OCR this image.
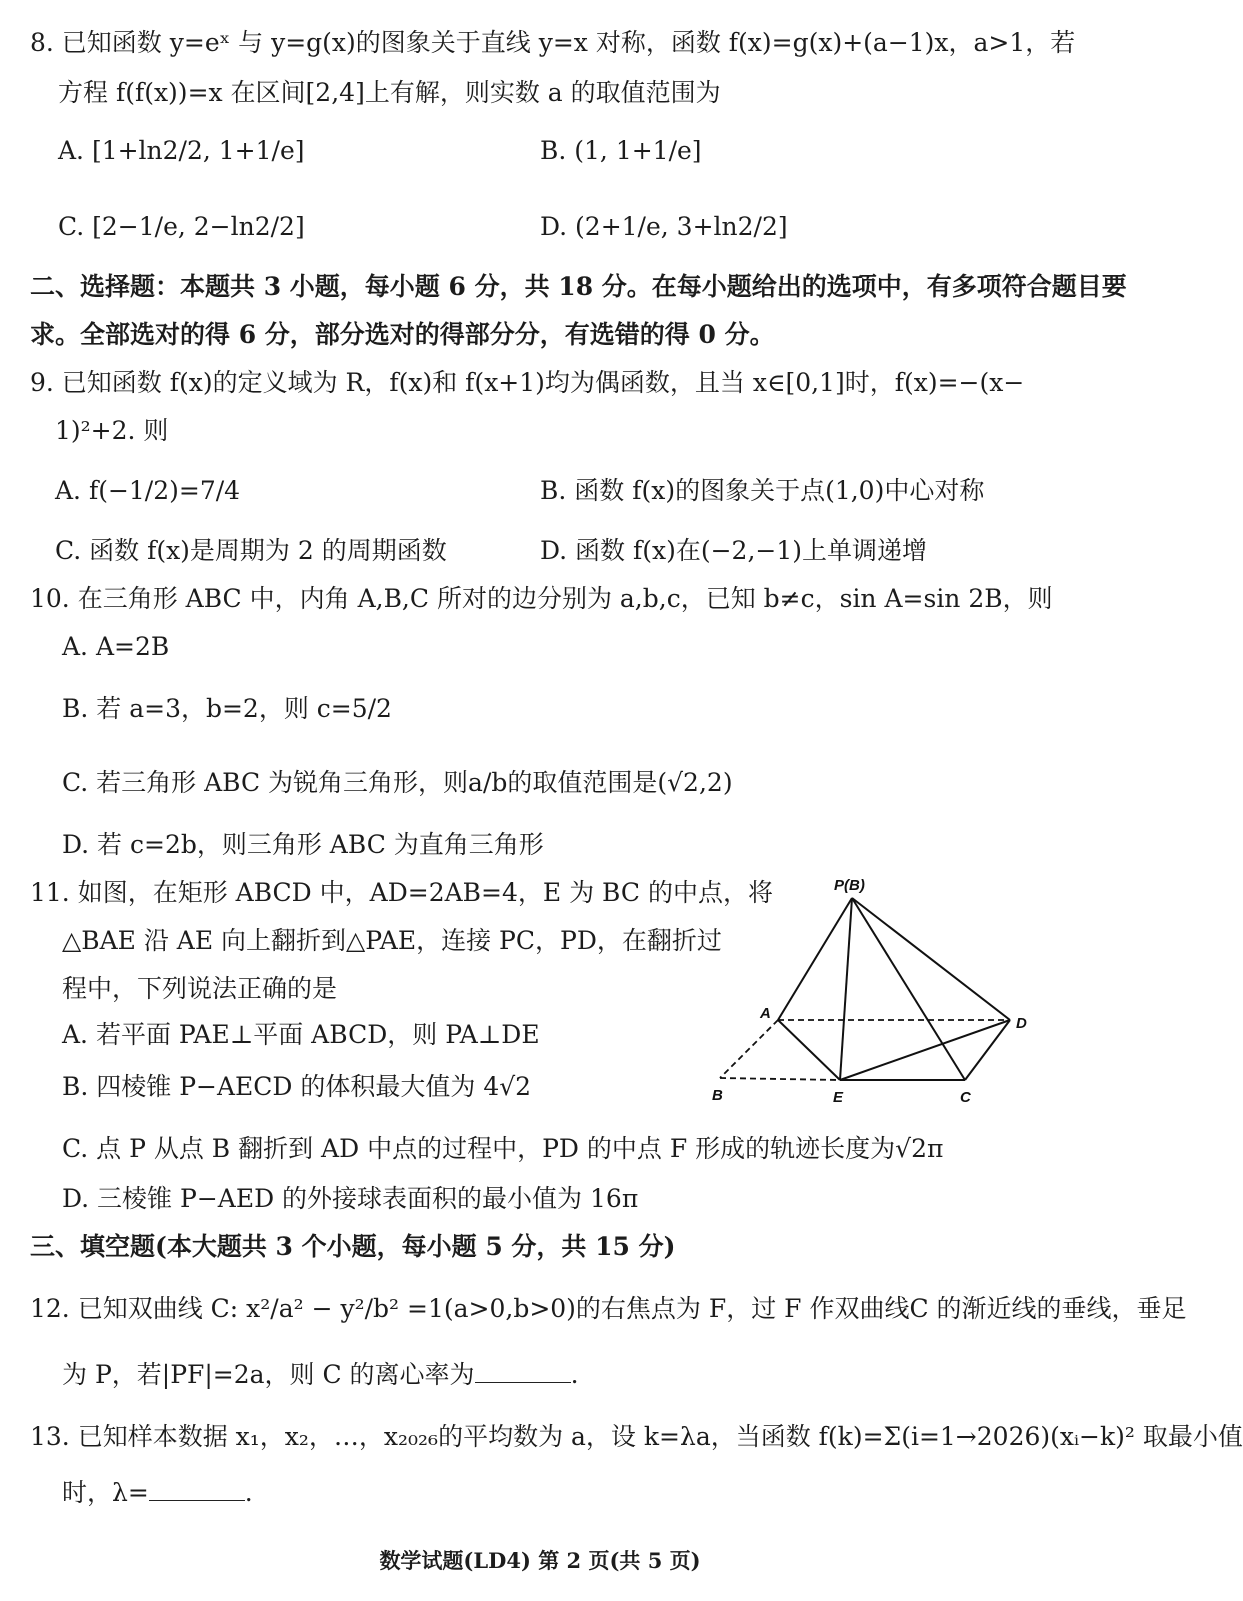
8. 已知函数 y=eˣ 与 y=g(x)的图象关于直线 y=x 对称，函数 f(x)=g(x)+(a−1)x，a>1，若
方程 f(f(x))=x 在区间[2,4]上有解，则实数 a 的取值范围为
A. [1+ln2/2, 1+1/e]	B. (1, 1+1/e]
C. [2−1/e, 2−ln2/2]	D. (2+1/e, 3+ln2/2]
二、选择题：本题共 3 小题，每小题 6 分，共 18 分。在每小题给出的选项中，有多项符合题目要
求。全部选对的得 6 分，部分选对的得部分分，有选错的得 0 分。
9. 已知函数 f(x)的定义域为 R，f(x)和 f(x+1)均为偶函数，且当 x∈[0,1]时，f(x)=−(x−
1)²+2. 则
A. f(−1/2)=7/4	B. 函数 f(x)的图象关于点(1,0)中心对称
C. 函数 f(x)是周期为 2 的周期函数	D. 函数 f(x)在(−2,−1)上单调递增
10. 在三角形 ABC 中，内角 A,B,C 所对的边分别为 a,b,c，已知 b≠c，sin A=sin 2B，则
A. A=2B
B. 若 a=3，b=2，则 c=5/2
C. 若三角形 ABC 为锐角三角形，则a/b的取值范围是(√2,2)
D. 若 c=2b，则三角形 ABC 为直角三角形
11. 如图，在矩形 ABCD 中，AD=2AB=4，E 为 BC 的中点，将
△BAE 沿 AE 向上翻折到△PAE，连接 PC，PD，在翻折过
程中，下列说法正确的是
A. 若平面 PAE⊥平面 ABCD，则 PA⊥DE
B. 四棱锥 P−AECD 的体积最大值为 4√2
C. 点 P 从点 B 翻折到 AD 中点的过程中，PD 的中点 F 形成的轨迹长度为√2π
D. 三棱锥 P−AED 的外接球表面积的最小值为 16π
P(B)
A
B	E	C
D
三、填空题(本大题共 3 个小题，每小题 5 分，共 15 分)
12. 已知双曲线 C: x²/a² − y²/b² =1(a>0,b>0)的右焦点为 F，过 F 作双曲线C 的渐近线的垂线，垂足
为 P，若|PF|=2a，则 C 的离心率为	.
13. 已知样本数据 x₁，x₂，…，x₂₀₂₆的平均数为 a，设 k=λa，当函数 f(k)=Σ(i=1→2026)(xᵢ−k)² 取最小值
时，λ=	.
数学试题(LD4) 第 2 页(共 5 页)
